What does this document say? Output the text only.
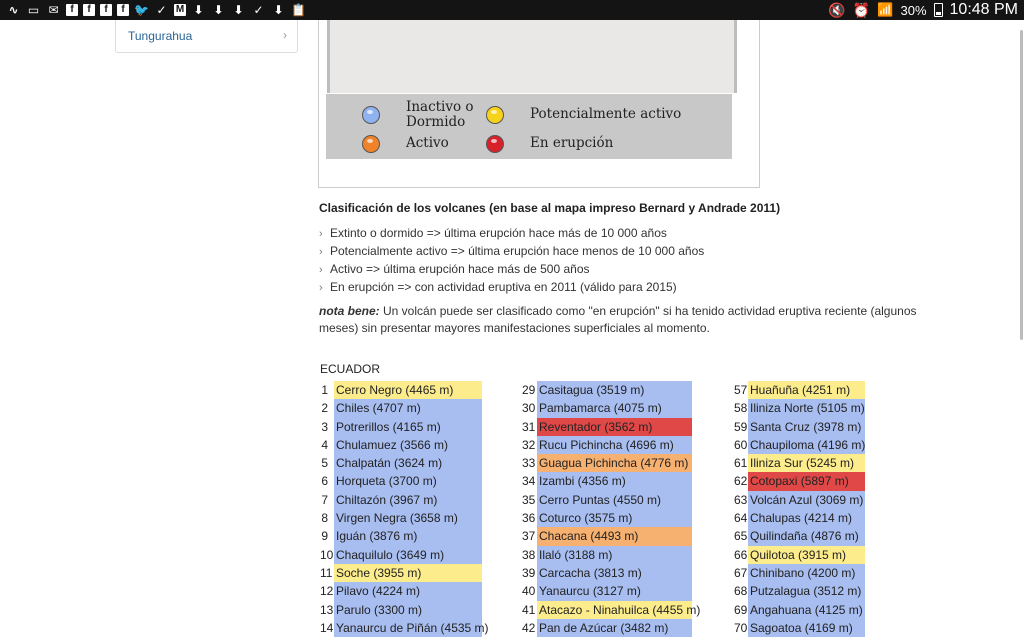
∿ ▭ ✉	f	f	f	f 🐦 ✓ M ⬇ ⬇ ⬇ ✓ ⬇ 📋	🔇 ⏰ 📶 30% 10:48 PM
Tungurahua	›
Inactivo o
Dormido	Potencialmente activo
Activo	En erupción
Clasificación de los volcanes (en base al mapa impreso Bernard y Andrade 2011)
› Extinto o dormido => última erupción hace más de 10 000 años
› Potencialmente activo => última erupción hace menos de 10 000 años
› Activo => última erupción hace más de 500 años
› En erupción => con actividad eruptiva en 2011 (válido para 2015)
nota bene: Un volcán puede ser clasificado como "en erupción" si ha tenido actividad eruptiva reciente (algunos meses) sin presentar mayores manifestaciones superficiales al momento.
ECUADOR
1 Cerro Negro (4465 m)
2 Chiles (4707 m)
3 Potrerillos (4165 m)
4 Chulamuez (3566 m)
5 Chalpatán (3624 m)
6 Horqueta (3700 m)
7 Chiltazón (3967 m)
8 Virgen Negra (3658 m)
9 Iguán (3876 m)
10 Chaquilulo (3649 m)
11 Soche (3955 m)
12 Pilavo (4224 m)
13 Parulo (3300 m)
14 Yanaurcu de Piñán (4535 m)
29 Casitagua (3519 m)
30 Pambamarca (4075 m)
31 Reventador (3562 m)
32 Rucu Pichincha (4696 m)
33 Guagua Pichincha (4776 m)
34 Izambi (4356 m)
35 Cerro Puntas (4550 m)
36 Coturco (3575 m)
37 Chacana (4493 m)
38 Ilaló (3188 m)
39 Carcacha (3813 m)
40 Yanaurcu (3127 m)
41 Atacazo - Ninahuilca (4455 m)
42 Pan de Azúcar (3482 m)
57 Huañuña (4251 m)
58 Iliniza Norte (5105 m)
59 Santa Cruz (3978 m)
60 Chaupiloma (4196 m)
61 Iliniza Sur (5245 m)
62 Cotopaxi (5897 m)
63 Volcán Azul (3069 m)
64 Chalupas (4214 m)
65 Quilindaña (4876 m)
66 Quilotoa (3915 m)
67 Chinibano (4200 m)
68 Putzalagua (3512 m)
69 Angahuana (4125 m)
70 Sagoatoa (4169 m)
